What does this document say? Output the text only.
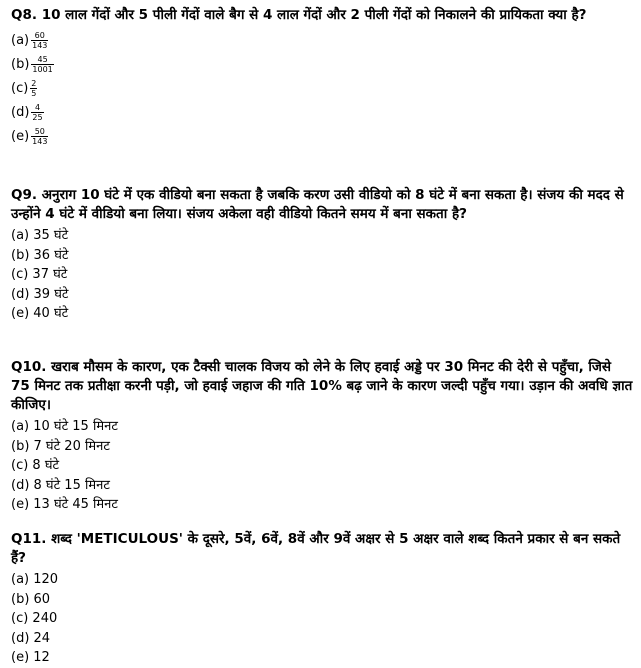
Q8. 10 लाल गेंदों और 5 पीली गेंदों वाले बैग से 4 लाल गेंदों और 2 पीली गेंदों को निकालने की प्रायिकता क्या है?

$(a) \frac{60}{143}$
$(b) \frac{45}{1001}$
$(c) \frac{2}{5}$
$(d) \frac{4}{25}$
$(e) \frac{50}{143}$

Q9. अनुराग 10 घंटे में एक वीडियो बना सकता है जबकि करण उसी वीडियो को 8 घंटे में बना सकता है। संजय की मदद से उन्होंने 4 घंटे में वीडियो बना लिया। संजय अकेला वही वीडियो कितने समय में बना सकता है?

(a) 35 घंटे
(b) 36 घंटे
(c) 37 घंटे
(d) 39 घंटे
(e) 40 घंटे

Q10. खराब मौसम के कारण, एक टैक्सी चालक विजय को लेने के लिए हवाई अड्डे पर 30 मिनट की देरी से पहुँचा, जिसे 75 मिनट तक प्रतीक्षा करनी पड़ी, जो हवाई जहाज की गति 10% बढ़ जाने के कारण जल्दी पहुँच गया। उड़ान की अवधि ज्ञात कीजिए।

(a) 10 घंटे 15 मिनट
(b) 7 घंटे 20 मिनट
(c) 8 घंटे
(d) 8 घंटे 15 मिनट
(e) 13 घंटे 45 मिनट

Q11. शब्द 'METICULOUS' के दूसरे, 5वें, 6वें, 8वें और 9वें अक्षर से 5 अक्षर वाले शब्द कितने प्रकार से बन सकते हैं?

(a) 120
(b) 60
(c) 240
(d) 24
(e) 12
